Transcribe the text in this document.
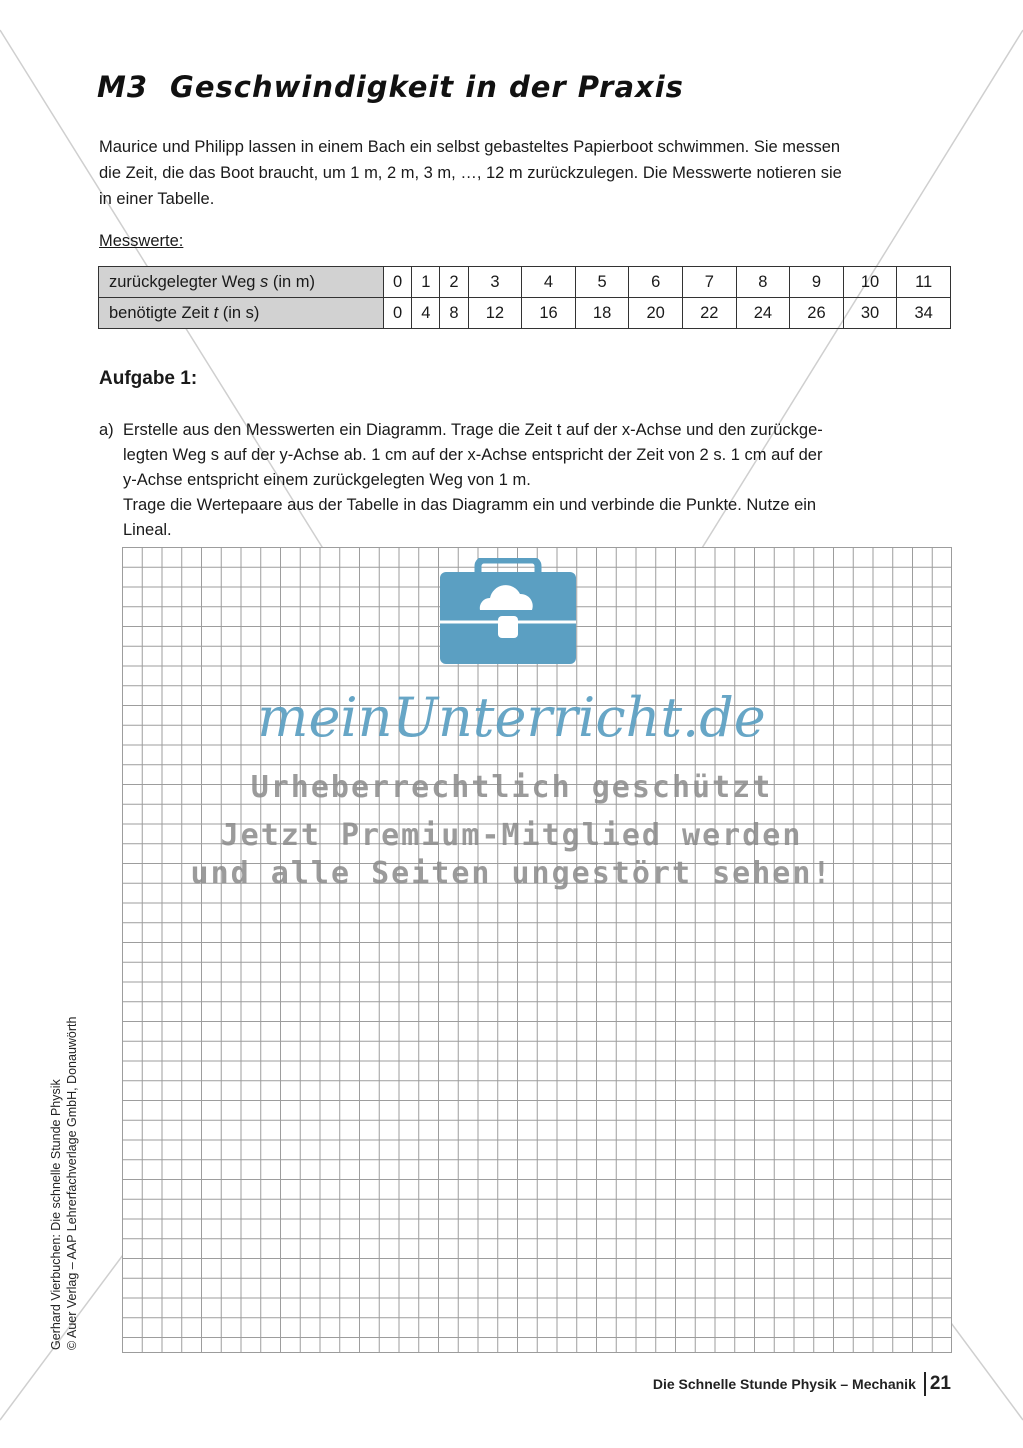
M3 Geschwindigkeit in der Praxis
Maurice und Philipp lassen in einem Bach ein selbst gebasteltes Papierboot schwimmen. Sie messen
die Zeit, die das Boot braucht, um 1 m, 2 m, 3 m, …, 12 m zurückzulegen. Die Messwerte notieren sie
in einer Tabelle.
Messwerte:
zurückgelegter Weg s (in m)	0	1	2	3	4	5	6	7	8	9	10	11
benötigte Zeit t (in s)	0	4	8	12	16	18	20	22	24	26	30	34
Aufgabe 1:
a) Erstelle aus den Messwerten ein Diagramm. Trage die Zeit t auf der x-Achse und den zurückge-
legten Weg s auf der y-Achse ab. 1 cm auf der x-Achse entspricht der Zeit von 2 s. 1 cm auf der
y-Achse entspricht einem zurückgelegten Weg von 1 m.
Trage die Wertepaare aus der Tabelle in das Diagramm ein und verbinde die Punkte. Nutze ein
Lineal.
meinUnterricht.de
Urheberrechtlich geschützt
Jetzt Premium-Mitglied werden
und alle Seiten ungestört sehen!
Gerhard Vierbuchen: Die schnelle Stunde Physik © Auer Verlag – AAP Lehrerfachverlage GmbH, Donauwörth
Die Schnelle Stunde Physik – Mechanik 21
